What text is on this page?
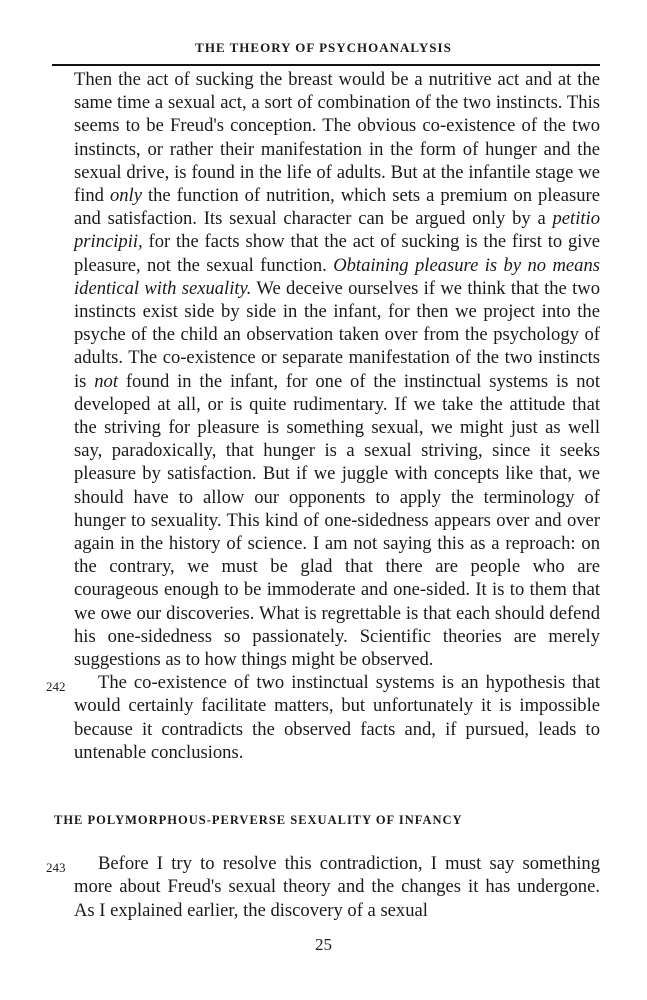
THE THEORY OF PSYCHOANALYSIS

Then the act of sucking the breast would be a nutritive act and at the same time a sexual act, a sort of combination of the two instincts. This seems to be Freud's conception. The obvious co-existence of the two instincts, or rather their manifestation in the form of hunger and the sexual drive, is found in the life of adults. But at the infantile stage we find only the function of nutrition, which sets a premium on pleasure and satisfaction. Its sexual character can be argued only by a petitio principii, for the facts show that the act of sucking is the first to give pleasure, not the sexual function. Obtaining pleasure is by no means identical with sexuality. We deceive ourselves if we think that the two instincts exist side by side in the infant, for then we project into the psyche of the child an observation taken over from the psychology of adults. The co-existence or separate manifestation of the two instincts is not found in the infant, for one of the instinctual systems is not developed at all, or is quite rudimentary. If we take the attitude that the striving for pleasure is something sexual, we might just as well say, paradoxically, that hunger is a sexual striving, since it seeks pleasure by satisfaction. But if we juggle with concepts like that, we should have to allow our opponents to apply the terminology of hunger to sexuality. This kind of one-sidedness appears over and over again in the history of science. I am not saying this as a reproach: on the contrary, we must be glad that there are people who are courageous enough to be immoderate and one-sided. It is to them that we owe our discoveries. What is regrettable is that each should defend his one-sidedness so passionately. Scientific theories are merely suggestions as to how things might be observed.

242 The co-existence of two instinctual systems is an hypothesis that would certainly facilitate matters, but unfortunately it is impossible because it contradicts the observed facts and, if pursued, leads to untenable conclusions.

THE POLYMORPHOUS-PERVERSE SEXUALITY OF INFANCY

243 Before I try to resolve this contradiction, I must say something more about Freud's sexual theory and the changes it has undergone. As I explained earlier, the discovery of a sexual

25
